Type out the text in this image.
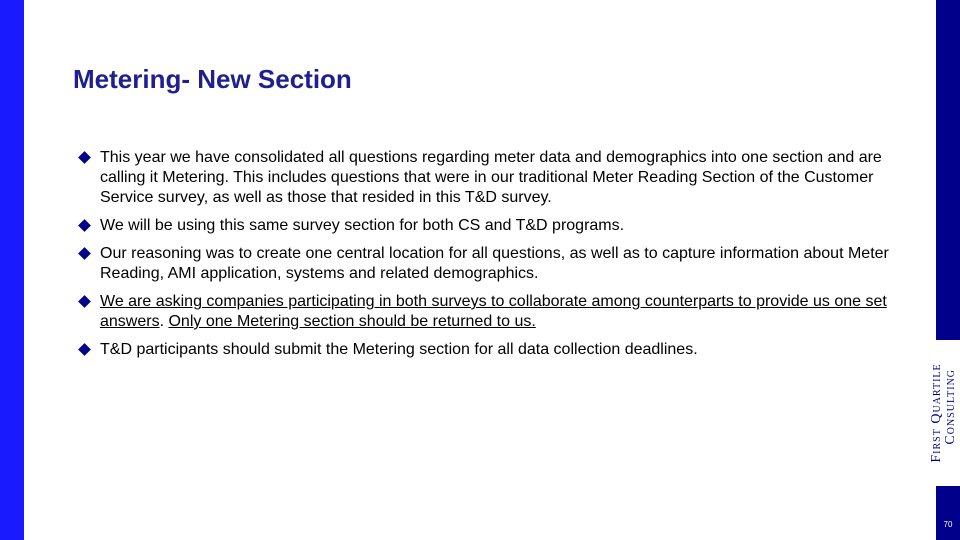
First Quartile Consulting
70
Metering- New Section
This year we have consolidated all questions regarding meter data and demographics into one section and are calling it Metering. This includes questions that were in our traditional Meter Reading Section of the Customer Service survey, as well as those that resided in this T&D survey.
We will be using this same survey section for both CS and T&D programs.
Our reasoning was to create one central location for all questions, as well as to capture information about Meter Reading, AMI application, systems and related demographics.
We are asking companies participating in both surveys to collaborate among counterparts to provide us one set answers. Only one Metering section should be returned to us.
T&D participants should submit the Metering section for all data collection deadlines.
